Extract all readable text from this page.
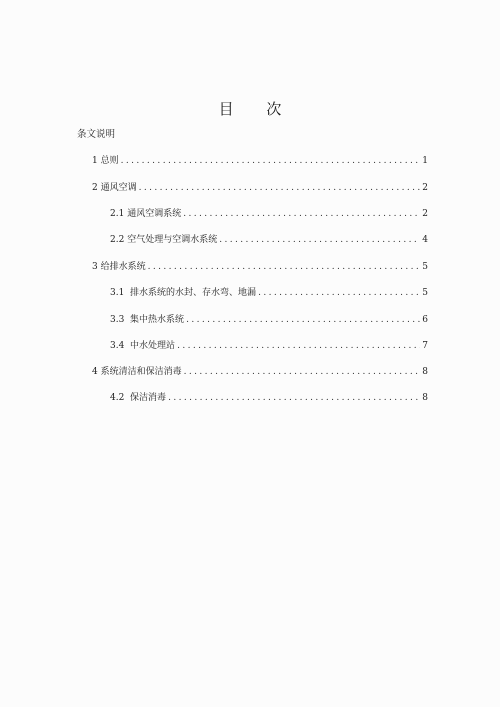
目 次
条文说明
1 总则 .....	1
2 通风空调 .....	2
2.1 通风空调系统 .....	2
2.2 空气处理与空调水系统 .....	4
3 给排水系统 .....	5
3.1 排水系统的水封、存水弯、地漏 .....	5
3.3 集中热水系统 .....	6
3.4 中水处理站 .....	7
4 系统清洁和保洁消毒 .....	8
4.2 保洁消毒 .....	8
